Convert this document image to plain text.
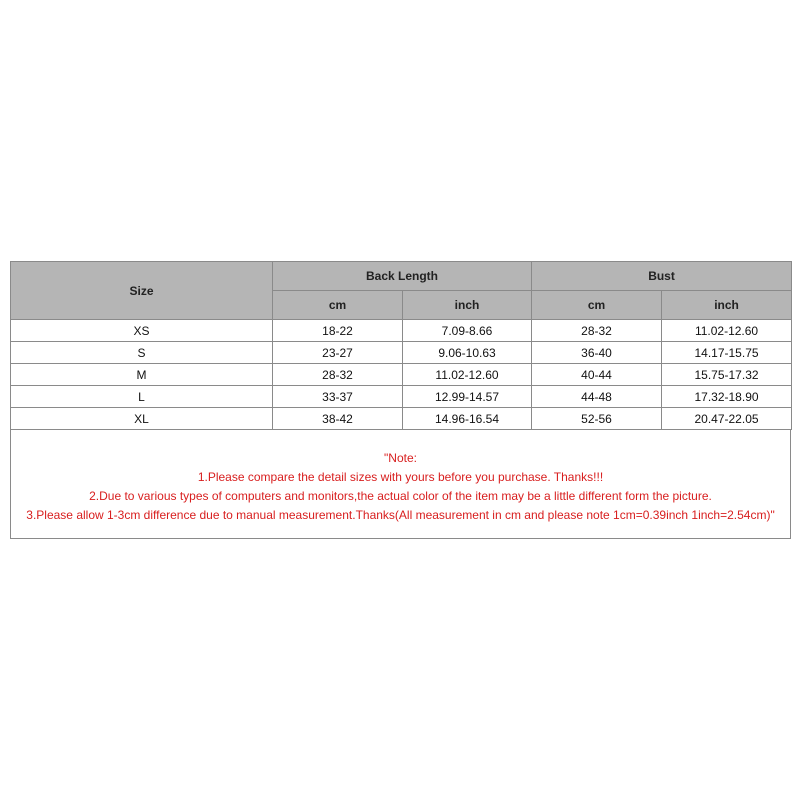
Size	Back Length		Bust	
	cm	inch	cm	inch
XS	18-22	7.09-8.66	28-32	11.02-12.60
S	23-27	9.06-10.63	36-40	14.17-15.75
M	28-32	11.02-12.60	40-44	15.75-17.32
L	33-37	12.99-14.57	44-48	17.32-18.90
XL	38-42	14.96-16.54	52-56	20.47-22.05
"Note:
1.Please compare the detail sizes with yours before you purchase. Thanks!!!
2.Due to various types of computers and monitors,the actual color of the item may be a little different form the picture.
3.Please allow 1-3cm difference due to manual measurement.Thanks(All measurement in cm and please note 1cm=0.39inch 1inch=2.54cm)"
